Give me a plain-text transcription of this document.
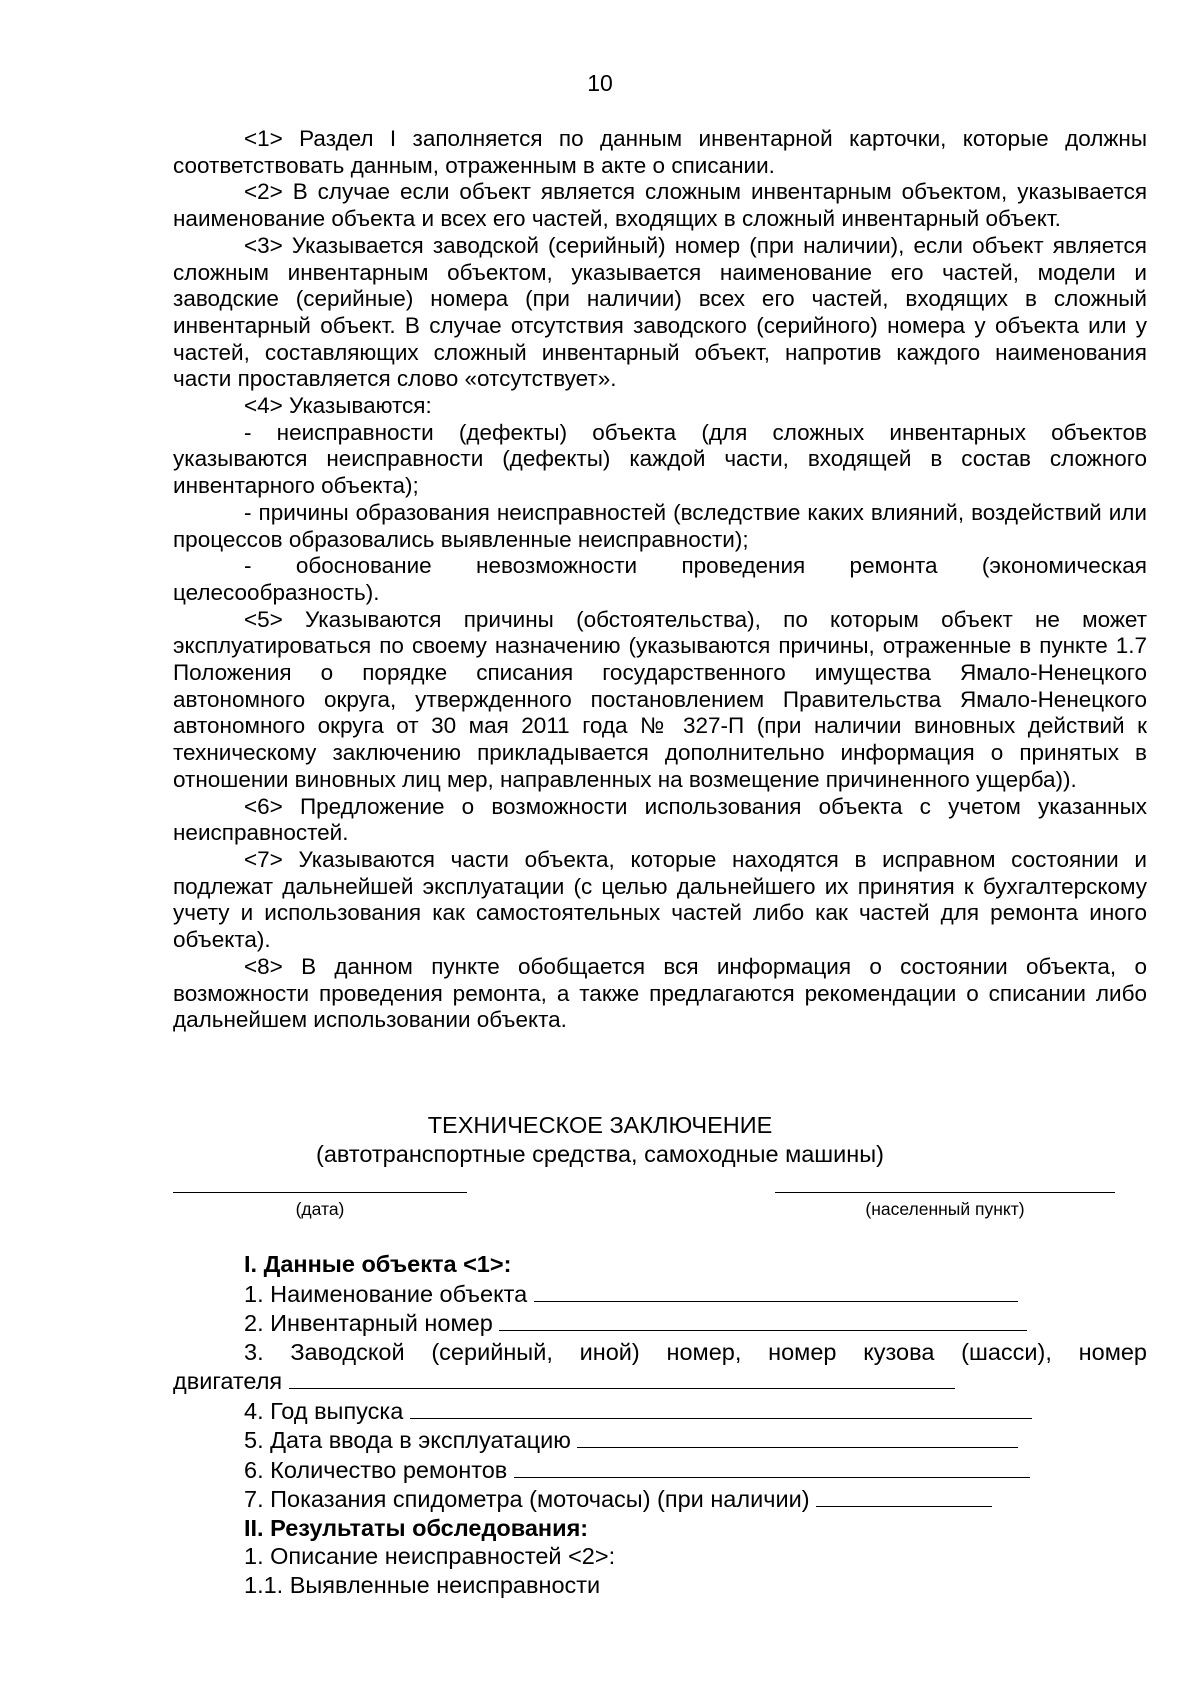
10

<1> Раздел I заполняется по данным инвентарной карточки, которые должны соответствовать данным, отраженным в акте о списании.

<2> В случае если объект является сложным инвентарным объектом, указывается наименование объекта и всех его частей, входящих в сложный инвентарный объект.

<3> Указывается заводской (серийный) номер (при наличии), если объект является сложным инвентарным объектом, указывается наименование его частей, модели и заводские (серийные) номера (при наличии) всех его частей, входящих в сложный инвентарный объект. В случае отсутствия заводского (серийного) номера у объекта или у частей, составляющих сложный инвентарный объект, напротив каждого наименования части проставляется слово «отсутствует».

<4> Указываются:

- неисправности (дефекты) объекта (для сложных инвентарных объектов указываются неисправности (дефекты) каждой части, входящей в состав сложного инвентарного объекта);

- причины образования неисправностей (вследствие каких влияний, воздействий или процессов образовались выявленные неисправности);

- обоснование невозможности проведения ремонта (экономическая целесообразность).

<5> Указываются причины (обстоятельства), по которым объект не может эксплуатироваться по своему назначению (указываются причины, отраженные в пункте 1.7 Положения о порядке списания государственного имущества Ямало-Ненецкого автономного округа, утвержденного постановлением Правительства Ямало-Ненецкого автономного округа от 30 мая 2011 года № 327-П (при наличии виновных действий к техническому заключению прикладывается дополнительно информация о принятых в отношении виновных лиц мер, направленных на возмещение причиненного ущерба)).

<6> Предложение о возможности использования объекта с учетом указанных неисправностей.

<7> Указываются части объекта, которые находятся в исправном состоянии и подлежат дальнейшей эксплуатации (с целью дальнейшего их принятия к бухгалтерскому учету и использования как самостоятельных частей либо как частей для ремонта иного объекта).

<8> В данном пункте обобщается вся информация о состоянии объекта, о возможности проведения ремонта, а также предлагаются рекомендации о списании либо дальнейшем использовании объекта.

ТЕХНИЧЕСКОЕ ЗАКЛЮЧЕНИЕ
(автотранспортные средства, самоходные машины)
(дата)	(населенный пункт)

I. Данные объекта <1>:

1. Наименование объекта

2. Инвентарный номер

3. Заводской (серийный, иной) номер, номер кузова (шасси), номер

двигателя

4. Год выпуска

5. Дата ввода в эксплуатацию

6. Количество ремонтов

7. Показания спидометра (моточасы) (при наличии)

II. Результаты обследования:

1. Описание неисправностей <2>:

1.1. Выявленные неисправности
